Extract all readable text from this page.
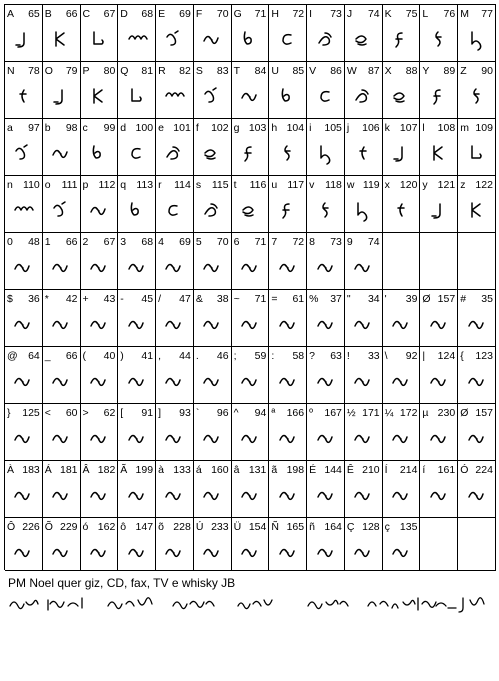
A 65 B 66 C 67 D 68 E 69 F 70 G 71 H 72 I 73 J 74 K 75 L 76 M 77
N 78 O 79 P 80 Q 81 R 82 S 83 T 84 U 85 V 86 W 87 X 88 Y 89 Z 90
a 97 b 98 c 99 d 100 e 101 f 102 g 103 h 104 i 105 j 106 k 107 l 108 m 109
n 110 o 111 p 112 q 113 r 114 s 115 t 116 u 117 v 118 w 119 x 120 y 121 z 122
0 48 1 66 2 67 3 68 4 69 5 70 6 71 7 72 8 73 9 74
$ 36 * 42 + 43 - 45 / 47 & 38 ~ 71 = 61 % 37 " 34 ' 39 Ø 157 # 35
@ 64 _ 66 ( 40 ) 41 , 44 . 46 ; 59 : 58 ? 63 ! 33 \ 92 | 124 { 123
} 125 < 60 > 62 [ 91 ] 93 ` 96 ^ 94 ª 166 º 167 ½ 171 ¼ 172 µ 230 Ø 157
À 183 Á 181 Â 182 Ã 199 à 133 á 160 â 131 ã 198 É 144 Ê 210 Í 214 í 161 Ó 224
Ô 226 Õ 229 ó 162 ô 147 õ 228 Ú 233 Ü 154 Ñ 165 ñ 164 Ç 128 ç 135
PM Noel quer giz, CD, fax, TV e whisky JB
